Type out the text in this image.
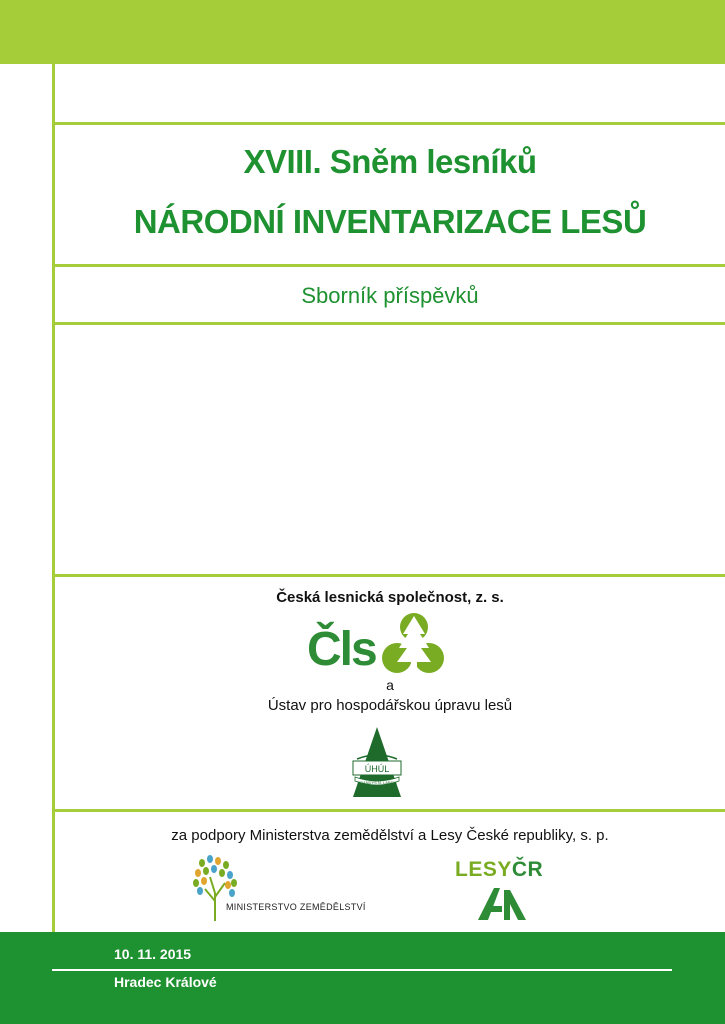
XVIII. Sněm lesníků
NÁRODNÍ INVENTARIZACE LESŮ
Sborník příspěvků
Česká lesnická společnost, z. s.
Čls
a
Ústav pro hospodářskou úpravu lesů
ÚHÚL
BRANDÝS N. LABEM
za podpory Ministerstva zemědělství a Lesy České republiky, s. p.
MINISTERSTVO ZEMĚDĚLSTVÍ
LESYČR
10. 11. 2015
Hradec Králové
